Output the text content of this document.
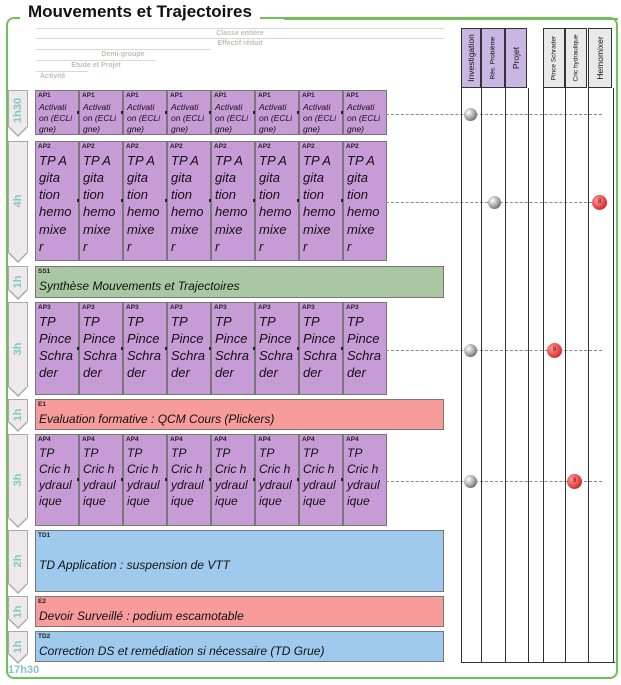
Mouvements et Trajectoires
Classe entière
Effectif réduit
Demi-groupe
Etude et Projet
Activité
1h30
AP1
Activati
on (ECLi
gne)
AP1
Activati
on (ECLi
gne)
AP1
Activati
on (ECLi
gne)
AP1
Activati
on (ECLi
gne)
AP1
Activati
on (ECLi
gne)
AP1
Activati
on (ECLi
gne)
AP1
Activati
on (ECLi
gne)
AP1
Activati
on (ECLi
gne)
4h
AP2
TP A
gita
tion
hemo
mixe
r
AP2
TP A
gita
tion
hemo
mixe
r
AP2
TP A
gita
tion
hemo
mixe
r
AP2
TP A
gita
tion
hemo
mixe
r
AP2
TP A
gita
tion
hemo
mixe
r
AP2
TP A
gita
tion
hemo
mixe
r
AP2
TP A
gita
tion
hemo
mixe
r
AP2
TP A
gita
tion
hemo
mixe
r
1h
SS1
Synthèse Mouvements et Trajectoires
3h
AP3
TP
Pince
Schra
der
AP3
TP
Pince
Schra
der
AP3
TP
Pince
Schra
der
AP3
TP
Pince
Schra
der
AP3
TP
Pince
Schra
der
AP3
TP
Pince
Schra
der
AP3
TP
Pince
Schra
der
AP3
TP
Pince
Schra
der
1h
E1
Evaluation formative : QCM Cours (Plickers)
3h
AP4
TP
Cric h
ydraul
ique
AP4
TP
Cric h
ydraul
ique
AP4
TP
Cric h
ydraul
ique
AP4
TP
Cric h
ydraul
ique
AP4
TP
Cric h
ydraul
ique
AP4
TP
Cric h
ydraul
ique
AP4
TP
Cric h
ydraul
ique
AP4
TP
Cric h
ydraul
ique
2h
TD1
TD Application : suspension de VTT
1h
E2
Devoir Surveillé : podium escamotable
1h
TD2
Correction DS et remédiation si nécessaire (TD Grue)
8
8
8
Investigation Rés. Problème Projet	Pince Schrader Cric hydraulique Hemomixer
17h30
